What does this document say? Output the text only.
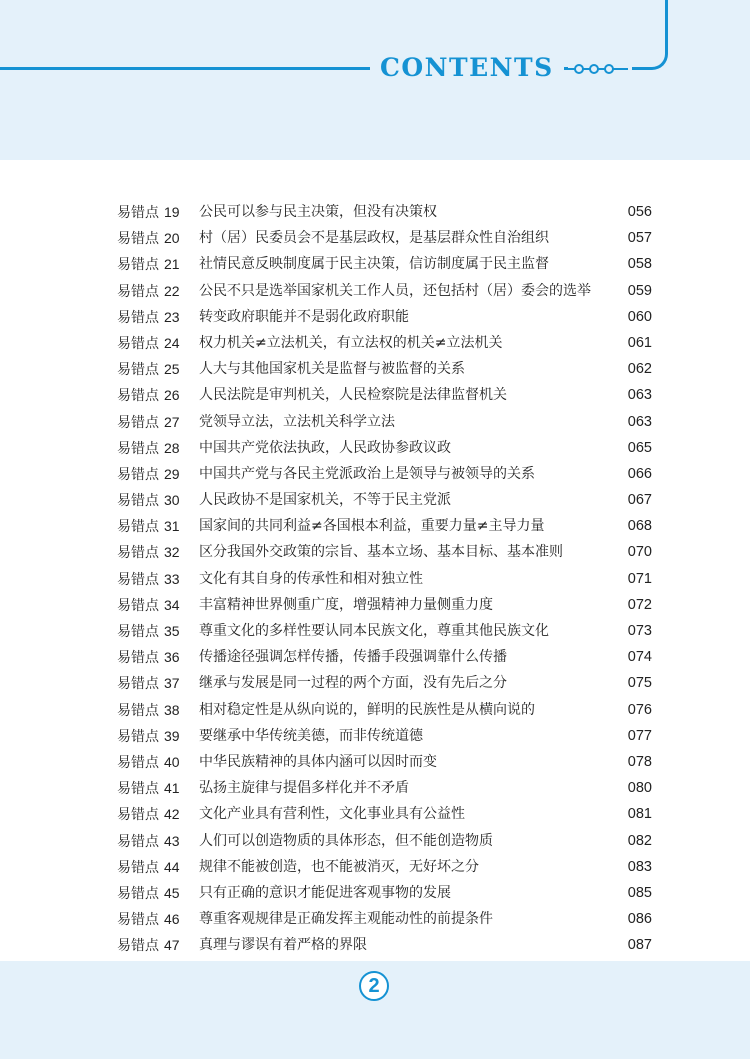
CONTENTS
易错点 19 公民可以参与民主决策，但没有决策权	056
易错点 20 村（居）民委员会不是基层政权，是基层群众性自治组织	057
易错点 21 社情民意反映制度属于民主决策，信访制度属于民主监督	058
易错点 22 公民不只是选举国家机关工作人员，还包括村（居）委会的选举	059
易错点 23 转变政府职能并不是弱化政府职能	060
易错点 24 权力机关≠立法机关，有立法权的机关≠立法机关	061
易错点 25 人大与其他国家机关是监督与被监督的关系	062
易错点 26 人民法院是审判机关，人民检察院是法律监督机关	063
易错点 27 党领导立法，立法机关科学立法	063
易错点 28 中国共产党依法执政，人民政协参政议政	065
易错点 29 中国共产党与各民主党派政治上是领导与被领导的关系	066
易错点 30 人民政协不是国家机关，不等于民主党派	067
易错点 31 国家间的共同利益≠各国根本利益，重要力量≠主导力量	068
易错点 32 区分我国外交政策的宗旨、基本立场、基本目标、基本准则	070
易错点 33 文化有其自身的传承性和相对独立性	071
易错点 34 丰富精神世界侧重广度，增强精神力量侧重力度	072
易错点 35 尊重文化的多样性要认同本民族文化，尊重其他民族文化	073
易错点 36 传播途径强调怎样传播，传播手段强调靠什么传播	074
易错点 37 继承与发展是同一过程的两个方面，没有先后之分	075
易错点 38 相对稳定性是从纵向说的，鲜明的民族性是从横向说的	076
易错点 39 要继承中华传统美德，而非传统道德	077
易错点 40 中华民族精神的具体内涵可以因时而变	078
易错点 41 弘扬主旋律与提倡多样化并不矛盾	080
易错点 42 文化产业具有营利性，文化事业具有公益性	081
易错点 43 人们可以创造物质的具体形态，但不能创造物质	082
易错点 44 规律不能被创造，也不能被消灭，无好坏之分	083
易错点 45 只有正确的意识才能促进客观事物的发展	085
易错点 46 尊重客观规律是正确发挥主观能动性的前提条件	086
易错点 47 真理与谬误有着严格的界限	087
2
